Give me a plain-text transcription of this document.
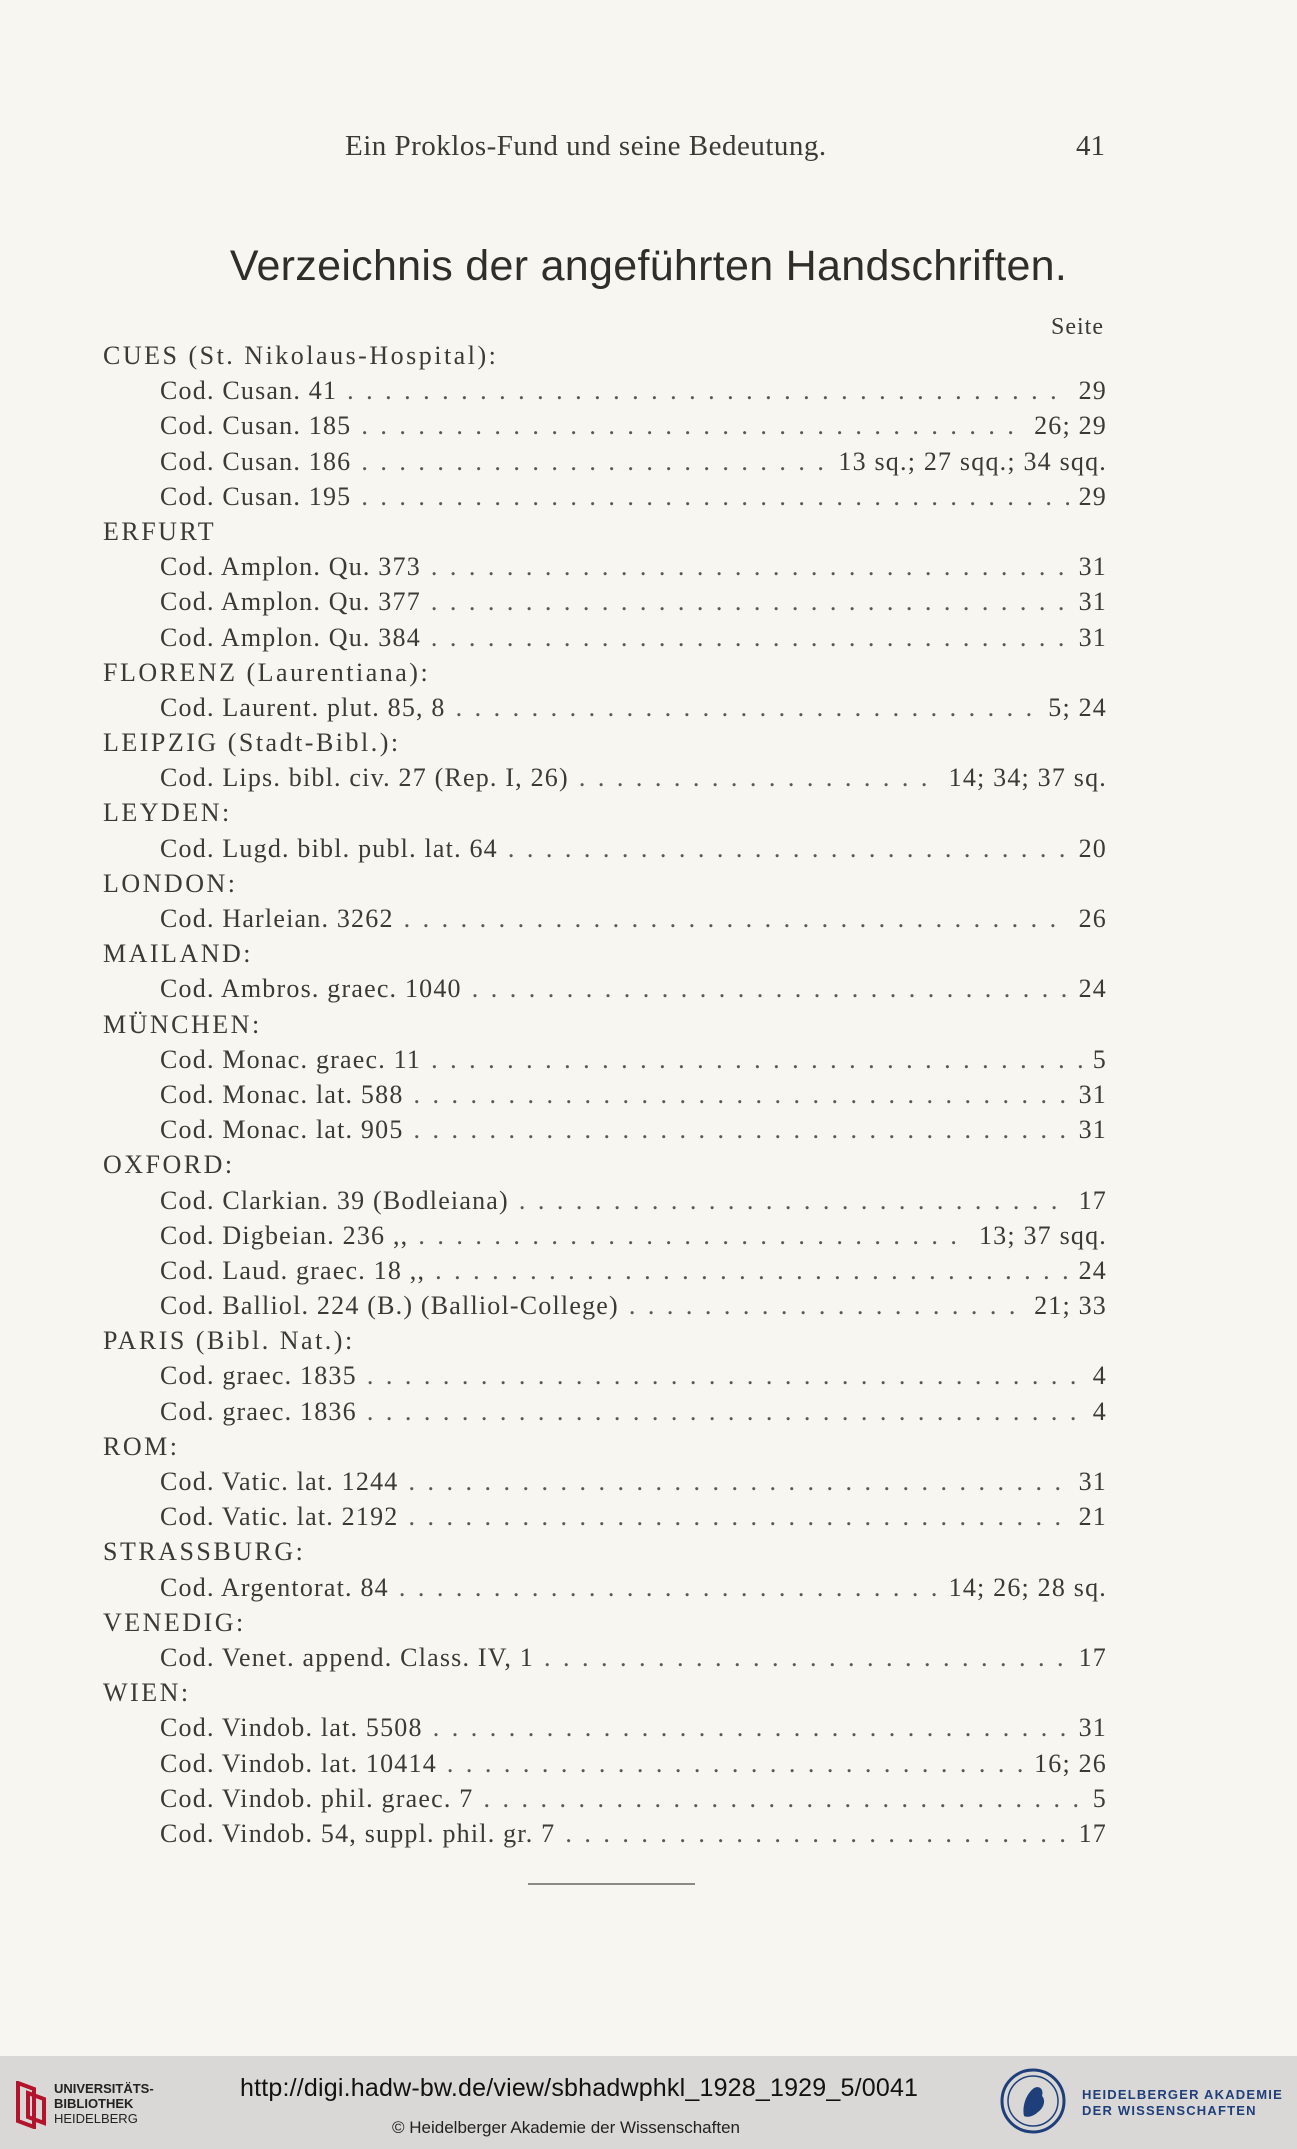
Ein Proklos-Fund und seine Bedeutung.	41
Verzeichnis der angeführten Handschriften.
Seite
CUES (St. Nikolaus-Hospital):
Cod. Cusan. 41 . . .	29
Cod. Cusan. 185 . . .	26; 29
Cod. Cusan. 186 . . .	13 sq.; 27 sqq.; 34 sqq.
Cod. Cusan. 195 . . .	29
ERFURT
Cod. Amplon. Qu. 373 . . .	31
Cod. Amplon. Qu. 377 . . .	31
Cod. Amplon. Qu. 384 . . .	31
FLORENZ (Laurentiana):
Cod. Laurent. plut. 85, 8 . . .	5; 24
LEIPZIG (Stadt-Bibl.):
Cod. Lips. bibl. civ. 27 (Rep. I, 26) . . .	14; 34; 37 sq.
LEYDEN:
Cod. Lugd. bibl. publ. lat. 64 . . .	20
LONDON:
Cod. Harleian. 3262 . . .	26
MAILAND:
Cod. Ambros. graec. 1040 . . .	24
MÜNCHEN:
Cod. Monac. graec. 11 . . .	5
Cod. Monac. lat. 588 . . .	31
Cod. Monac. lat. 905 . . .	31
OXFORD:
Cod. Clarkian. 39 (Bodleiana) . . .	17
Cod. Digbeian. 236 ,, . . .	13; 37 sqq.
Cod. Laud. graec. 18 ,, . . .	24
Cod. Balliol. 224 (B.) (Balliol-College) . . .	21; 33
PARIS (Bibl. Nat.):
Cod. graec. 1835 . . .	4
Cod. graec. 1836 . . .	4
ROM:
Cod. Vatic. lat. 1244 . . .	31
Cod. Vatic. lat. 2192 . . .	21
STRASSBURG:
Cod. Argentorat. 84 . . .	14; 26; 28 sq.
VENEDIG:
Cod. Venet. append. Class. IV, 1 . . .	17
WIEN:
Cod. Vindob. lat. 5508 . . .	31
Cod. Vindob. lat. 10414 . . .	16; 26
Cod. Vindob. phil. graec. 7 . . .	5
Cod. Vindob. 54, suppl. phil. gr. 7 . . .	17
UNIVERSITÄTS-
BIBLIOTHEK
HEIDELBERG
http://digi.hadw-bw.de/view/sbhadwphkl_1928_1929_5/0041
© Heidelberger Akademie der Wissenschaften
HEIDELBERGER AKADEMIE
DER WISSENSCHAFTEN
